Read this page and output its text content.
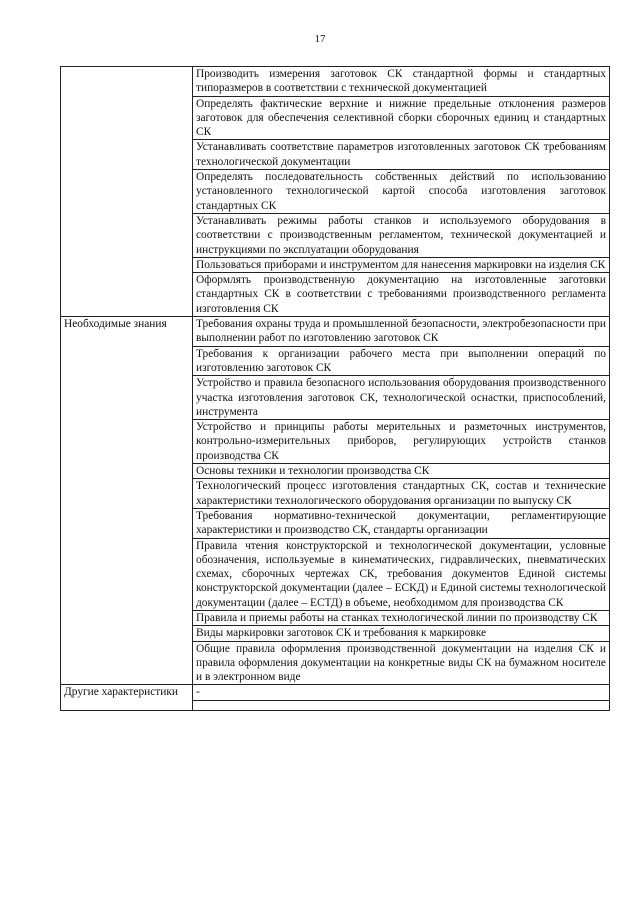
17
	Производить измерения заготовок СК стандартной формы и стандартных типоразмеров в соответствии с технической документацией
	Определять фактические верхние и нижние предельные отклонения размеров заготовок для обеспечения селективной сборки сборочных единиц и стандартных СК
	Устанавливать соответствие параметров изготовленных заготовок СК требованиям технологической документации
	Определять последовательность собственных действий по использованию установленного технологической картой способа изготовления заготовок стандартных СК
	Устанавливать режимы работы станков и используемого оборудования в соответствии с производственным регламентом, технической документацией и инструкциями по эксплуатации оборудования
	Пользоваться приборами и инструментом для нанесения маркировки на изделия СК
	Оформлять производственную документацию на изготовленные заготовки стандартных СК в соответствии с требованиями производственного регламента изготовления СК
Необходимые знания	Требования охраны труда и промышленной безопасности, электробезопасности при выполнении работ по изготовлению заготовок СК
	Требования к организации рабочего места при выполнении операций по изготовлению заготовок СК
	Устройство и правила безопасного использования оборудования производственного участка изготовления заготовок СК, технологической оснастки, приспособлений, инструмента
	Устройство и принципы работы мерительных и разметочных инструментов, контрольно-измерительных приборов, регулирующих устройств станков производства СК
	Основы техники и технологии производства СК
	Технологический процесс изготовления стандартных СК, состав и технические характеристики технологического оборудования организации по выпуску СК
	Требования нормативно-технической документации, регламентирующие характеристики и производство СК, стандарты организации
	Правила чтения конструкторской и технологической документации, условные обозначения, используемые в кинематических, гидравлических, пневматических схемах, сборочных чертежах СК, требования документов Единой системы конструкторской документации (далее – ЕСКД) и Единой системы технологической документации (далее – ЕСТД) в объеме, необходимом для производства СК
	Правила и приемы работы на станках технологической линии по производству СК
	Виды маркировки заготовок СК и требования к маркировке
	Общие правила оформления производственной документации на изделия СК и правила оформления документации на конкретные виды СК на бумажном носителе и в электронном виде
Другие характеристики	-
